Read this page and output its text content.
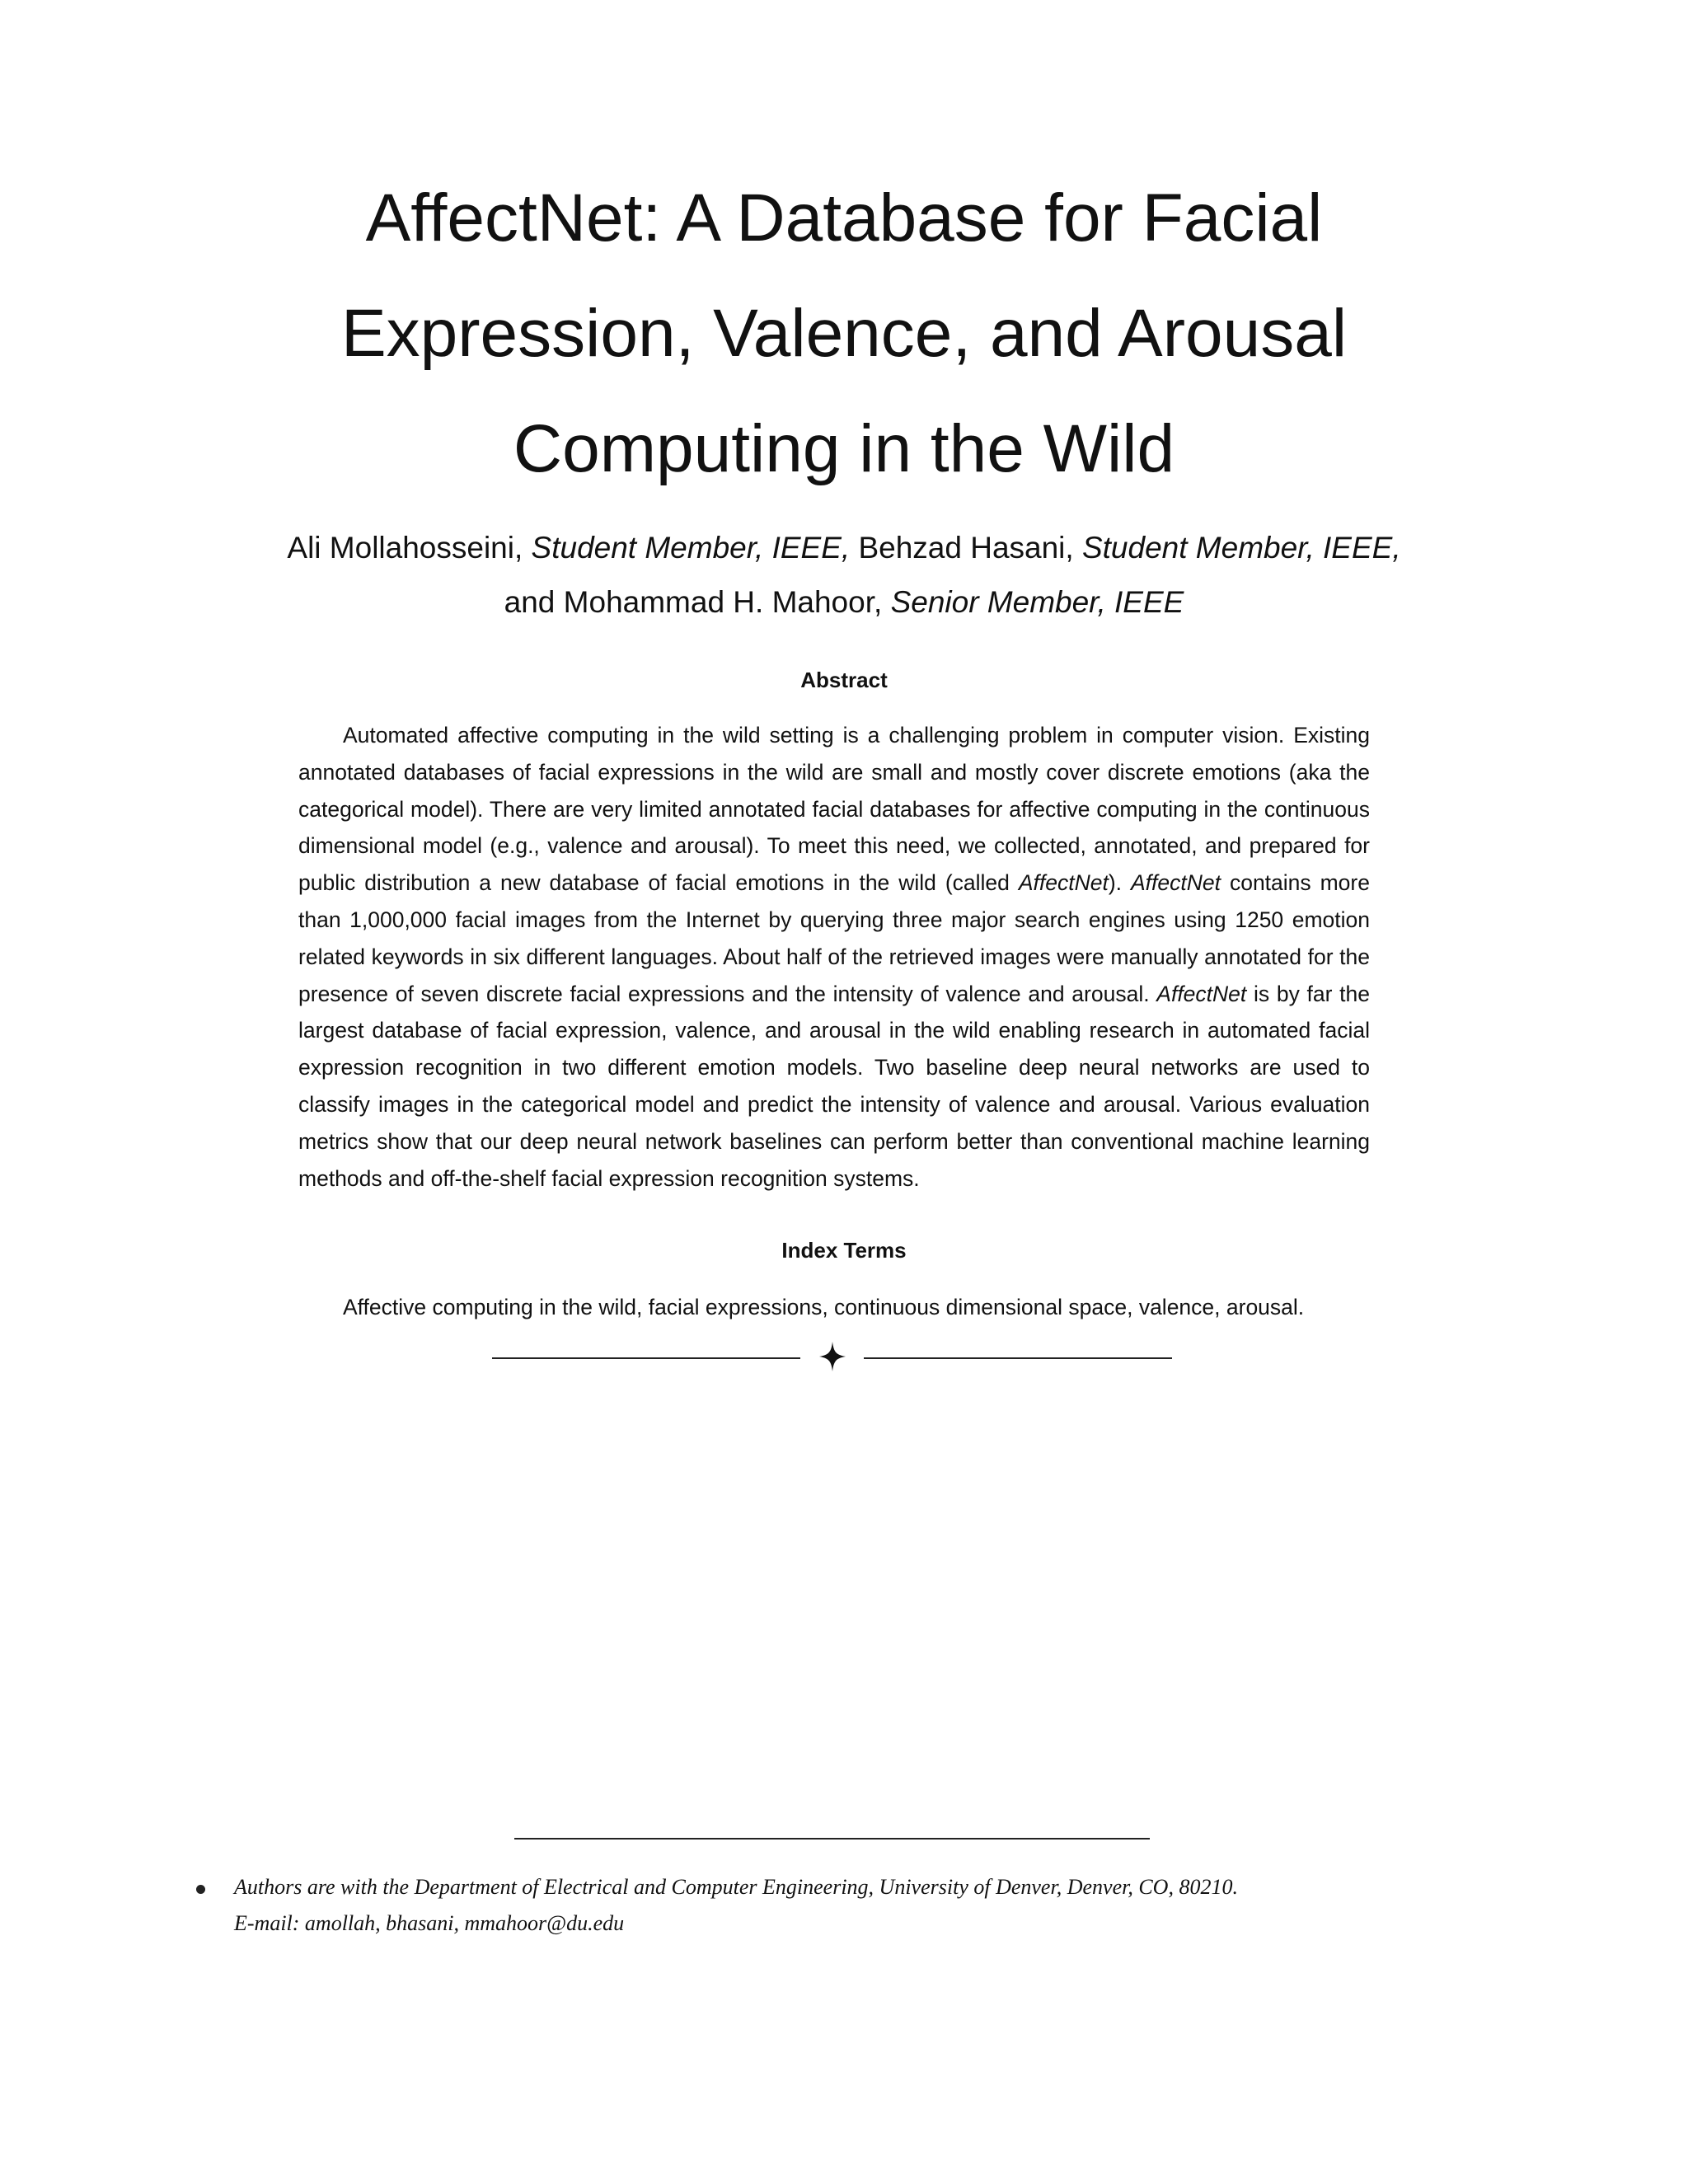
AffectNet: A Database for Facial
Expression, Valence, and Arousal
Computing in the Wild
Ali Mollahosseini, Student Member, IEEE, Behzad Hasani, Student Member, IEEE,
and Mohammad H. Mahoor, Senior Member, IEEE
Abstract

Automated affective computing in the wild setting is a challenging problem in computer vision. Existing annotated databases of facial expressions in the wild are small and mostly cover discrete emotions (aka the categorical model). There are very limited annotated facial databases for affective computing in the continuous dimensional model (e.g., valence and arousal). To meet this need, we collected, annotated, and prepared for public distribution a new database of facial emotions in the wild (called AffectNet). AffectNet contains more than 1,000,000 facial images from the Internet by querying three major search engines using 1250 emotion related keywords in six different languages. About half of the retrieved images were manually annotated for the presence of seven discrete facial expressions and the intensity of valence and arousal. AffectNet is by far the largest database of facial expression, valence, and arousal in the wild enabling research in automated facial expression recognition in two different emotion models. Two baseline deep neural networks are used to classify images in the categorical model and predict the intensity of valence and arousal. Various evaluation metrics show that our deep neural network baselines can perform better than conventional machine learning methods and off-the-shelf facial expression recognition systems.

Index Terms

Affective computing in the wild, facial expressions, continuous dimensional space, valence, arousal.

Authors are with the Department of Electrical and Computer Engineering, University of Denver, Denver, CO, 80210.
E-mail: amollah, bhasani, mmahoor@du.edu
